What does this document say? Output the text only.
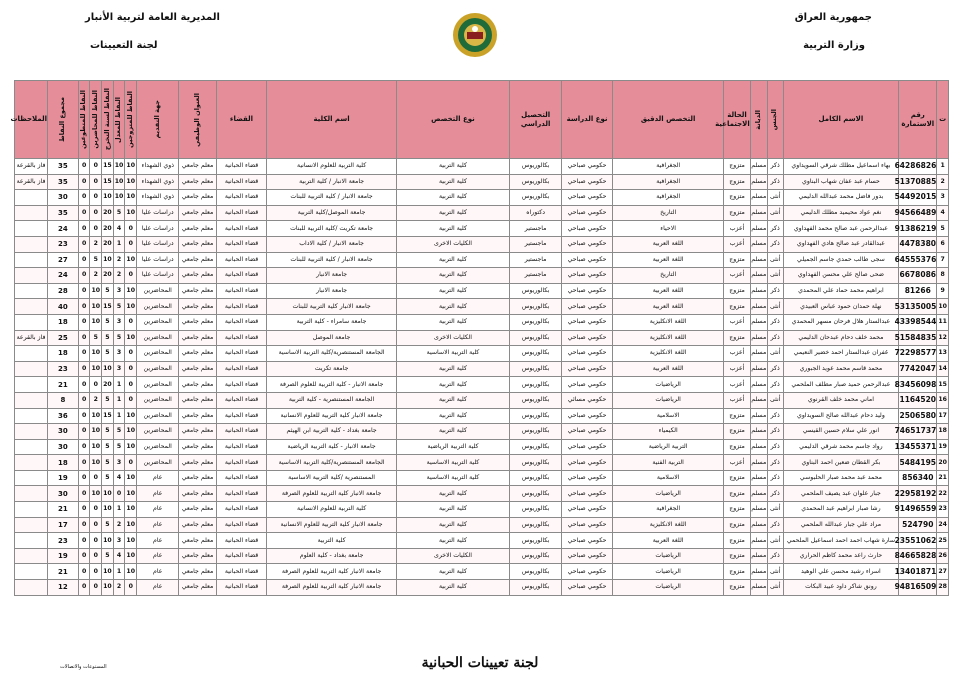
جمهورية العراق
وزارة التربية
المديرية العامة لتربية الأنبار
لجنة التعيينات
ت	رقم الاستمارة	الاسم الكامل	الجنس	الديانة	الحالة الاجتماعية	التخصص الدقيق	نوع الدراسة	التحصيل الدراسي	نوع التخصص	اسم الكلية	القضاء	العنوان الوظيفي	جهة التقديم	النقاط للمتزوجين	النقاط للمعدل	النقاط لسنة التخرج	النقاط للمحاضرين	النقاط للمتطوعين	مجموع النقاط	الملاحظات
1	64286826	بهاء اسماعيل مطلك شرقي السويداوي	ذكر	مسلم	متزوج	الجغرافية	حكومي صباحي	بكالوريوس	كلية التربية	كلية التربية للعلوم الانسانية	قضاء الحبانية	معلم جامعي	ذوي الشهداء	10	10	15	0	0	35	فاز بالقرعة
2	51370885	حسام عبد عفان شهاب البناوي	ذكر	مسلم	متزوج	الجغرافية	حكومي صباحي	بكالوريوس	كلية التربية	جامعة الانبار / كلية التربية	قضاء الحبانية	معلم جامعي	ذوي الشهداء	10	10	15	0	0	35	فاز بالقرعة
3	54492015	بدور فاضل محمد عبدالله الدليمي	أنثى	مسلم	متزوج	الجغرافية	حكومي صباحي	بكالوريوس	كلية التربية	جامعة الانبار / كلية التربية للبنات	قضاء الحبانية	معلم جامعي	ذوي الشهداء	10	10	10	0	0	30	
4	94566489	نغم عواد محيميد مطلك الدليمي	أنثى	مسلم	متزوج	التاريخ	حكومي صباحي	دكتوراه	كلية التربية	جامعة الموصل/كلية التربية	قضاء الحبانية	معلم جامعي	دراسات عليا	10	5	20	0	0	35	
5	91386219	عبدالرحمن عبد صالح محمد الفهداوي	ذكر	مسلم	أعزب	الاحياء	حكومي صباحي	ماجستير	كلية التربية	جامعة تكريت /كلية التربية للبنات	قضاء الحبانية	معلم جامعي	دراسات عليا	0	4	20	0	0	24	
6	4478380	عبدالقادر عبد صالح هادي الفهداوي	ذكر	مسلم	أعزب	اللغة العربية	حكومي صباحي	ماجستير	الكليات الاخرى	جامعة الانبار / كلية الاداب	قضاء الحبانية	معلم جامعي	دراسات عليا	0	1	20	2	0	23	
7	64555376	سجى طالب حمدي جاسم الجميلي	أنثى	مسلم	متزوج	اللغة العربية	حكومي صباحي	ماجستير	كلية التربية	جامعة الانبار / كلية التربية للبنات	قضاء الحبانية	معلم جامعي	دراسات عليا	10	2	10	5	0	27	
8	6678086	ضحى صالح علي محسن الفهداوي	أنثى	مسلم	أعزب	التاريخ	حكومي صباحي	ماجستير	كلية التربية	جامعة الانبار	قضاء الحبانية	معلم جامعي	دراسات عليا	0	2	20	2	0	24	
9	81266	ابراهيم محمد حماد علي المحمدي	ذكر	مسلم	متزوج	اللغة العربية	حكومي صباحي	بكالوريوس	كلية التربية	جامعة الانبار	قضاء الحبانية	معلم جامعي	المحاضرين	10	3	5	10	0	28	
10	53135005	نهلة حمدان حمود عباس العبيدي	أنثى	مسلم	متزوج	اللغة العربية	حكومي صباحي	بكالوريوس	كلية التربية	جامعة الانبار كلية التربية للبنات	قضاء الحبانية	معلم جامعي	المحاضرين	10	5	15	10	0	40	
11	43398544	عبدالستار هلال فرحان مسهر المحمدي	ذكر	مسلم	أعزب	اللغة الانكليزية	حكومي صباحي	بكالوريوس	كلية التربية	جامعة سامراء - كلية التربية	قضاء الحبانية	معلم جامعي	المحاضرين	0	3	5	10	0	18	
12	51584835	محمد خلف دحام عبدحان الدليمي	ذكر	مسلم	متزوج	اللغة الانكليزية	حكومي صباحي	بكالوريوس	الكليات الاخرى	جامعة الموصل	قضاء الحبانية	معلم جامعي	المحاضرين	10	5	5	5	0	25	فاز بالقرعة
13	72298577	غفران عبدالستار احمد خضير النعيمي	أنثى	مسلم	أعزب	اللغة الانكليزية	حكومي صباحي	بكالوريوس	كلية التربية الاساسية	الجامعة المستنصرية/كلية التربية الاساسية	قضاء الحبانية	معلم جامعي	المحاضرين	0	3	5	10	0	18	
14	7742047	محمد قاسم محمد عويد الجبوري	ذكر	مسلم	أعزب	اللغة العربية	حكومي صباحي	بكالوريوس	كلية التربية	جامعة تكريت	قضاء الحبانية	معلم جامعي	المحاضرين	0	3	10	10	0	23	
15	83456098	عبدالرحمن حميد صبار مطلف الملحمي	ذكر	مسلم	أعزب	الرياضيات	حكومي صباحي	بكالوريوس	كلية التربية	جامعة الانبار - كلية التربية للعلوم الصرفة	قضاء الحبانية	معلم جامعي	المحاضرين	0	1	20	0	0	21	
16	1164520	اماني محمد خلف القرنوي	أنثى	مسلم	أعزب	الرياضيات	حكومي مسائي	بكالوريوس	كلية التربية	الجامعة المستنصرية - كلية التربية	قضاء الحبانية	معلم جامعي	المحاضرين	0	1	5	2	0	8	
17	2506580	وليد دحام عبدالله صالح السويداوي	ذكر	مسلم	متزوج	الاسلامية	حكومي صباحي	بكالوريوس	كلية التربية	جامعة الانبار كلية التربية للعلوم الانسانية	قضاء الحبانية	معلم جامعي	المحاضرين	10	1	15	10	0	36	
18	74651737	انور علي سلام حسين القيسي	ذكر	مسلم	متزوج	الكيمياء	حكومي صباحي	بكالوريوس	كلية التربية	جامعة بغداد - كلية التربية ابن الهيثم	قضاء الحبانية	معلم جامعي	المحاضرين	10	5	5	10	0	30	
19	13455371	رواد جاسم محمد شرقي الدليمي	ذكر	مسلم	متزوج	التربية الرياضية	حكومي صباحي	بكالوريوس	كلية التربية الرياضية	جامعة الانبار - كلية التربية الرياضية	قضاء الحبانية	معلم جامعي	المحاضرين	10	5	5	10	0	30	
20	5484195	بكر القطان ضعين احمد البناوي	ذكر	مسلم	أعزب	التربية الفنية	حكومي صباحي	بكالوريوس	كلية التربية الاساسية	الجامعة المستنصرية/كلية التربية الاساسية	قضاء الحبانية	معلم جامعي	المحاضرين	0	3	5	10	0	18	
21	856340	محمد عبد محمد صبار الحلبوسي	ذكر	مسلم	متزوج	الاسلامية	حكومي صباحي	بكالوريوس	كلية التربية الاساسية	المستنصرية /كلية التربية الاساسية	قضاء الحبانية	معلم جامعي	عام	10	4	5	0	0	19	
22	22958192	جبار علوان عبد يصيف الملحمي	ذكر	مسلم	متزوج	الرياضيات	حكومي صباحي	بكالوريوس	كلية التربية	جامعة الانبار كلية التربية للعلوم الصرفة	قضاء الحبانية	معلم جامعي	عام	10	0	10	10	0	30	
23	91496559	رشا صبار ابراهيم عبد المحمدي	أنثى	مسلم	متزوج	الجغرافية	حكومي صباحي	بكالوريوس	كلية التربية	كلية التربية للعلوم الانسانية	قضاء الحبانية	معلم جامعي	عام	10	1	10	0	0	21	
24	524790	مراد علي جبار عبدالله الملحمي	ذكر	مسلم	متزوج	اللغة الانكليزية	حكومي صباحي	بكالوريوس	كلية التربية	جامعة الانبار كلية التربية للعلوم الانسانية	قضاء الحبانية	معلم جامعي	عام	10	2	5	0	0	17	
25	23551062	سارة شهاب احمد احمد اسماعيل الملحمي	أنثى	مسلم	متزوج	اللغة العربية	حكومي صباحي	بكالوريوس	كلية التربية	كلية التربية	قضاء الحبانية	معلم جامعي	عام	10	3	10	0	0	23	
26	84665828	حارث راعد محمد كاظم الحراري	ذكر	مسلم	متزوج	الرياضيات	حكومي صباحي	بكالوريوس	الكليات الاخرى	جامعة بغداد - كلية العلوم	قضاء الحبانية	معلم جامعي	عام	10	4	5	0	0	19	
27	13401871	اسراء رشيد محسن علي الوهيد	أنثى	مسلم	متزوج	الرياضيات	حكومي صباحي	بكالوريوس	كلية التربية	جامعة الانبار كلية التربية للعلوم الصرفة	قضاء الحبانية	معلم جامعي	عام	10	1	10	0	0	21	
28	94816509	رونق شاكر داود عبيد البكات	أنثى	مسلم	متزوج	الرياضيات	حكومي صباحي	بكالوريوس	كلية التربية	جامعة الانبار كلية التربية للعلوم الصرفة	قضاء الحبانية	معلم جامعي	عام	0	2	10	0	0	12	
لجنة تعيينات الحبانية
المستوعات والاتصالات
